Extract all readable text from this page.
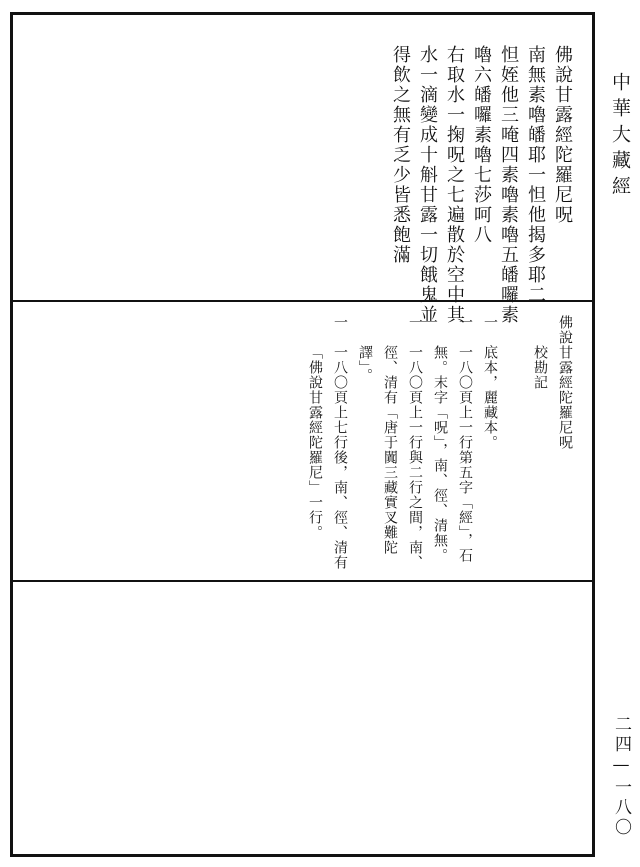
佛說甘露經陀羅尼呪
南無素嚕皤耶一怛他揭多耶二
怛姪他三唵四素嚕素嚕五皤囉素
嚕六皤囉素嚕七莎呵八
右取水一掬呪之七遍散於空中其
水一滴變成十斛甘露一切餓鬼並
得飲之無有乏少皆悉飽滿
佛說甘露經陀羅尼呪
校勘記
一　底本，麗藏本。
一　一八〇頁上一行第五字「經」，石
無。末字「呪」，南、徑、清無。
一　一八〇頁上一行與二行之間，南、
徑、清有「唐于闐三藏實叉難陀
譯」。
一　一八〇頁上七行後，南、徑、清有
「佛說甘露經陀羅尼」一行。
中華大藏經
二四—一八〇
